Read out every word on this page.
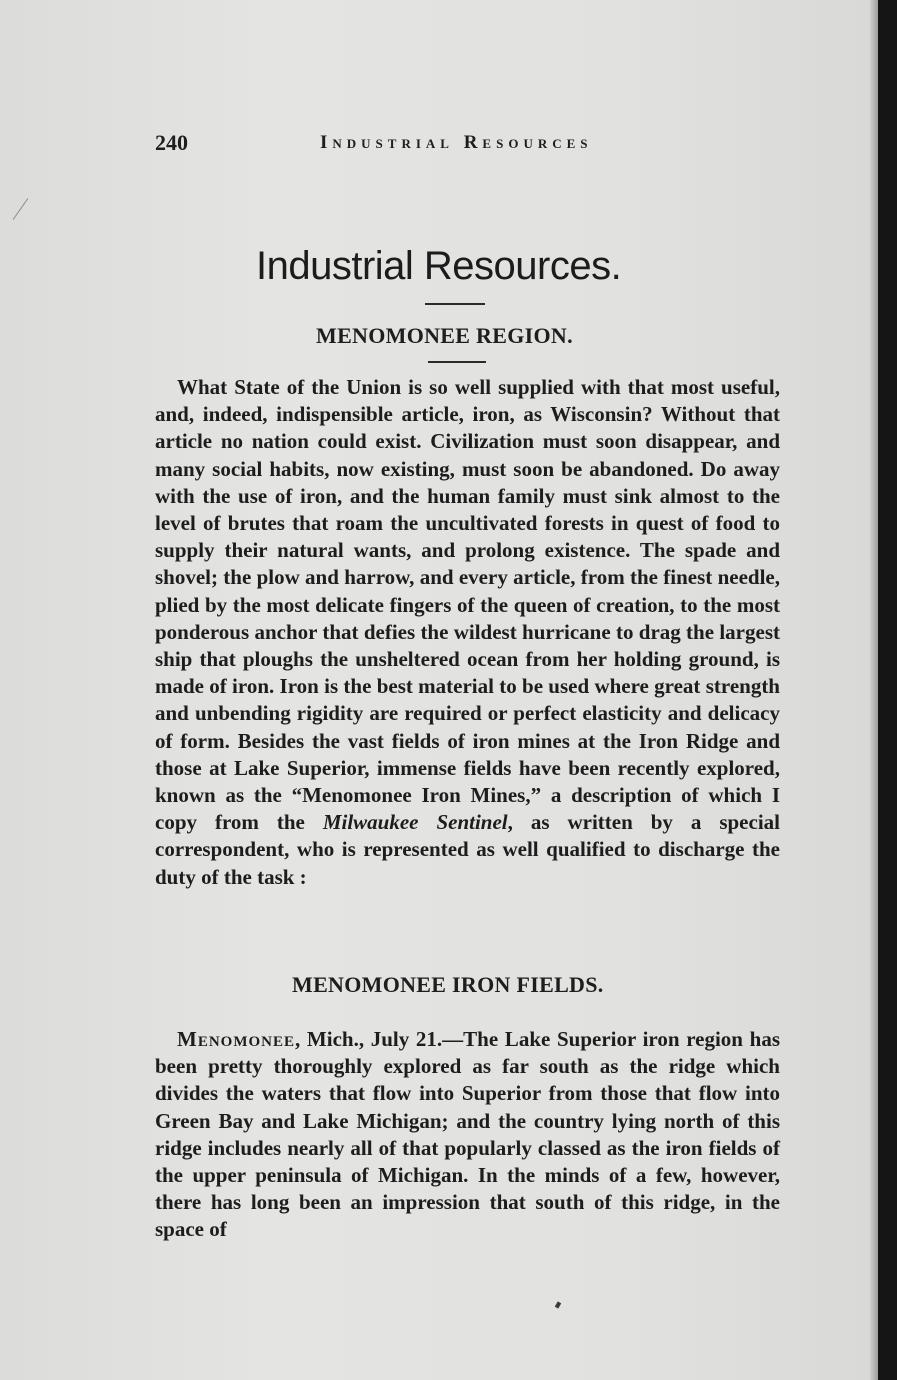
240	Industrial Resources
Industrial Resources.
MENOMONEE REGION.

What State of the Union is so well supplied with that most useful, and, indeed, indispensible article, iron, as Wisconsin? Without that article no nation could exist. Civilization must soon disappear, and many social habits, now existing, must soon be abandoned. Do away with the use of iron, and the human family must sink almost to the level of brutes that roam the uncultivated forests in quest of food to supply their natural wants, and prolong existence. The spade and shovel; the plow and harrow, and every article, from the finest needle, plied by the most delicate fingers of the queen of creation, to the most ponderous anchor that defies the wildest hurricane to drag the largest ship that ploughs the unsheltered ocean from her holding ground, is made of iron. Iron is the best material to be used where great strength and unbending rigidity are required or perfect elasticity and delicacy of form. Besides the vast fields of iron mines at the Iron Ridge and those at Lake Superior, immense fields have been recently explored, known as the “Menomonee Iron Mines,” a description of which I copy from the Milwaukee Sentinel, as written by a special correspondent, who is represented as well qualified to discharge the duty of the task :

MENOMONEE IRON FIELDS.

Menomonee, Mich., July 21.—The Lake Superior iron region has been pretty thoroughly explored as far south as the ridge which divides the waters that flow into Superior from those that flow into Green Bay and Lake Michigan; and the country lying north of this ridge includes nearly all of that popularly classed as the iron fields of the upper peninsula of Michigan. In the minds of a few, however, there has long been an impression that south of this ridge, in the space of
